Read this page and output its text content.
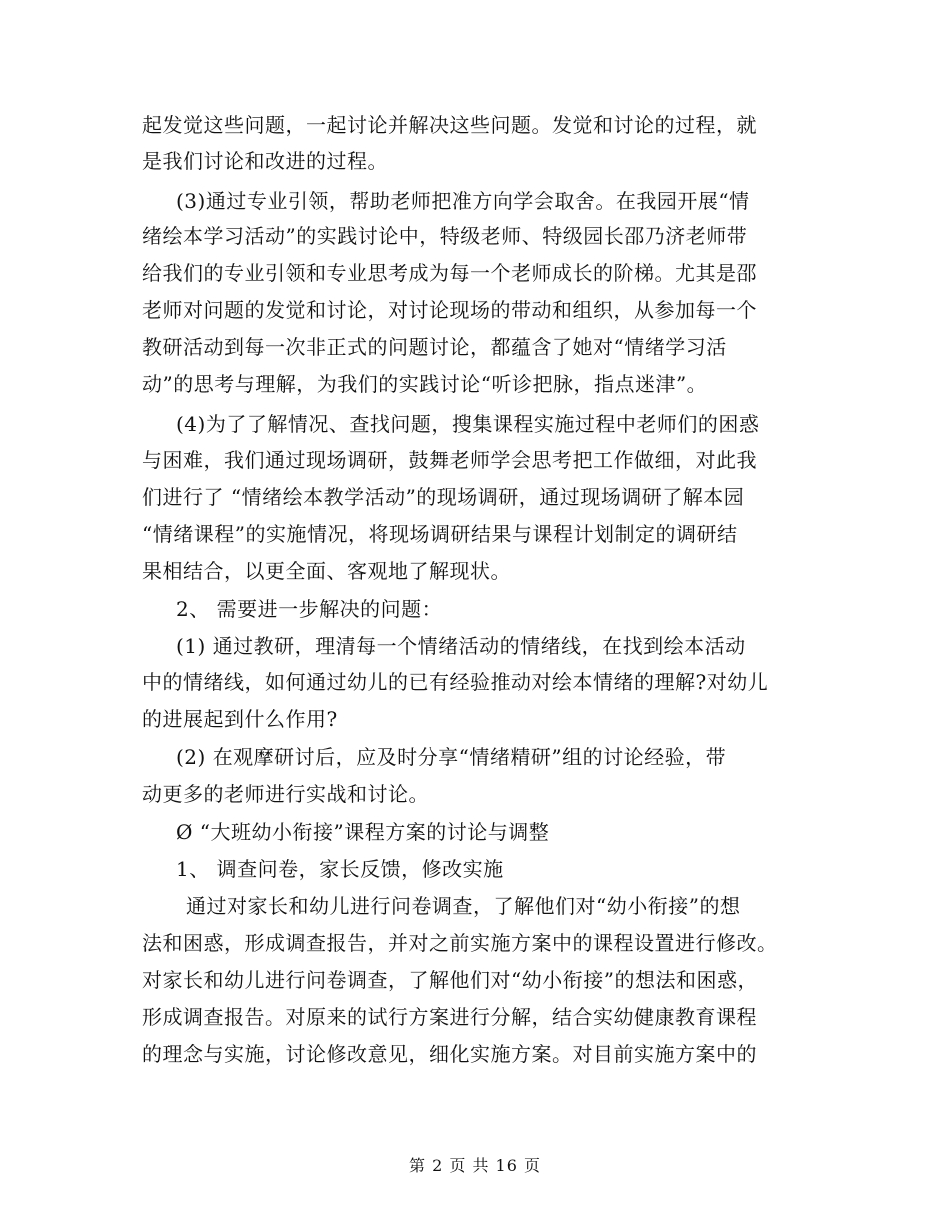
起发觉这些问题，一起讨论并解决这些问题。发觉和讨论的过程，就
是我们讨论和改进的过程。
(3)通过专业引领，帮助老师把准方向学会取舍。在我园开展“情
绪绘本学习活动”的实践讨论中，特级老师、特级园长邵乃济老师带
给我们的专业引领和专业思考成为每一个老师成长的阶梯。尤其是邵
老师对问题的发觉和讨论，对讨论现场的带动和组织，从参加每一个
教研活动到每一次非正式的问题讨论，都蕴含了她对“情绪学习活
动”的思考与理解，为我们的实践讨论“听诊把脉，指点迷津”。
(4)为了了解情况、查找问题，搜集课程实施过程中老师们的困惑
与困难，我们通过现场调研，鼓舞老师学会思考把工作做细，对此我
们进行了 “情绪绘本教学活动”的现场调研，通过现场调研了解本园
“情绪课程”的实施情况，将现场调研结果与课程计划制定的调研结
果相结合，以更全面、客观地了解现状。
2、 需要进一步解决的问题：
(1) 通过教研，理清每一个情绪活动的情绪线，在找到绘本活动
中的情绪线，如何通过幼儿的已有经验推动对绘本情绪的理解?对幼儿
的进展起到什么作用?
(2) 在观摩研讨后，应及时分享“情绪精研”组的讨论经验，带
动更多的老师进行实战和讨论。
Ø “大班幼小衔接”课程方案的讨论与调整
1、 调查问卷，家长反馈，修改实施
通过对家长和幼儿进行问卷调查，了解他们对“幼小衔接”的想
法和困惑，形成调查报告，并对之前实施方案中的课程设置进行修改。
对家长和幼儿进行问卷调查，了解他们对“幼小衔接”的想法和困惑，
形成调查报告。对原来的试行方案进行分解，结合实幼健康教育课程
的理念与实施，讨论修改意见，细化实施方案。对目前实施方案中的
第 2 页 共 16 页
